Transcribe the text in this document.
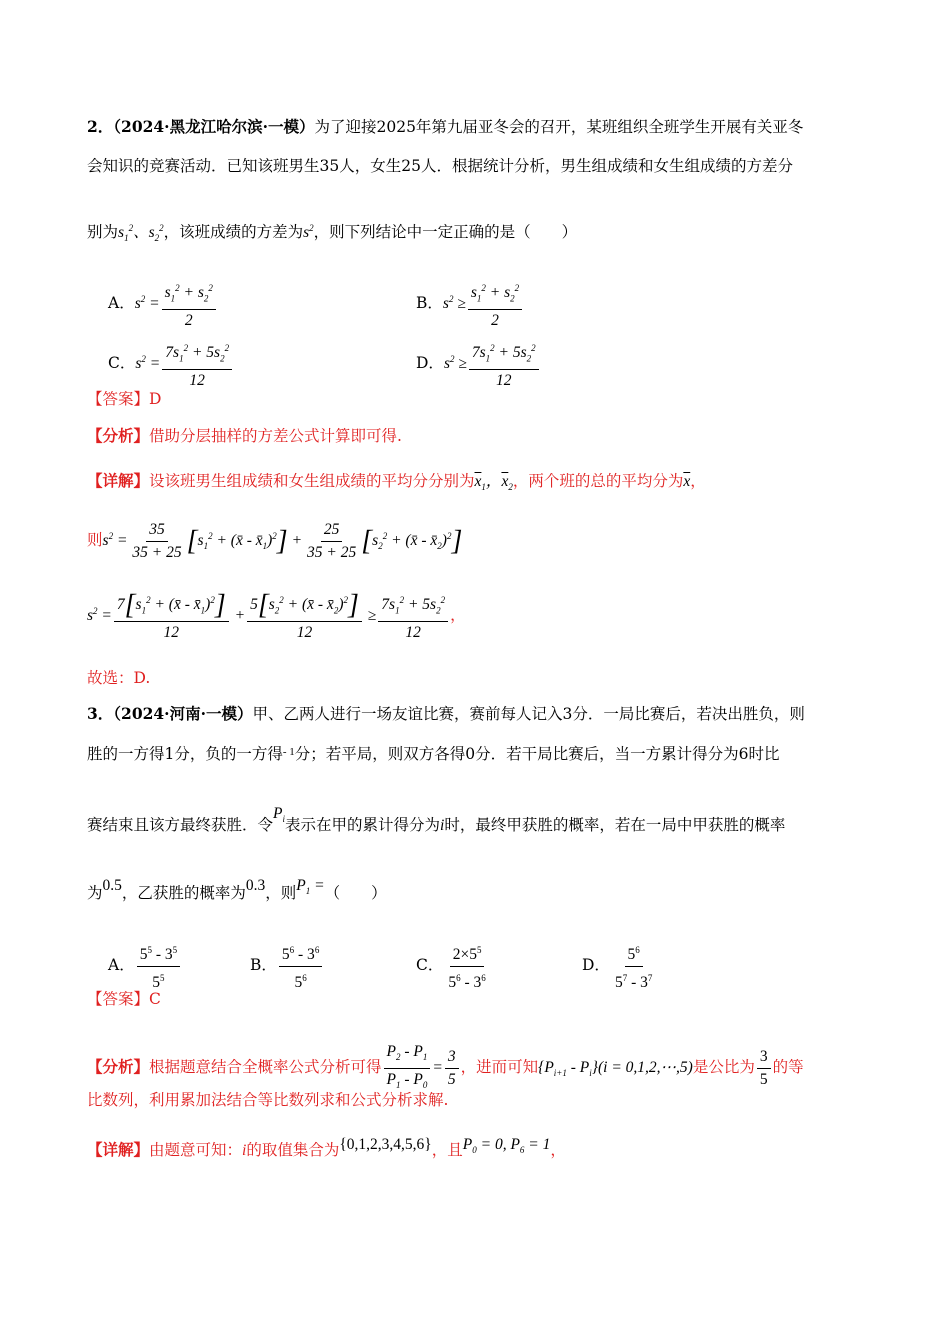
2．（2024·黑龙江哈尔滨·一模）为了迎接2025年第九届亚冬会的召开，某班组织全班学生开展有关亚冬
会知识的竞赛活动．已知该班男生35人，女生25人．根据统计分析，男生组成绩和女生组成绩的方差分
别为$s_1^2$、$s_2^2$，该班成绩的方差为$s^2$，则下列结论中一定正确的是（　　）
A．$s^2 = \frac{s_1^2 + s_2^2}{2}$	B．$s^2 \ge \frac{s_1^2 + s_2^2}{2}$
C．$s^2 = \frac{7s_1^2 + 5s_2^2}{12}$	D．$s^2 \ge \frac{7s_1^2 + 5s_2^2}{12}$
【答案】D
【分析】借助分层抽样的方差公式计算即可得.
【详解】设该班男生组成绩和女生组成绩的平均分分别为$\overline{x}_1$，$\overline{x}_2$，两个班的总的平均分为$\overline{x}$，
则$s^2 = \frac{35}{35 + 25} [s_1^2$ + (x̄ - $x̄_1)^2] + \frac{25}{35 + 25} [s_2^2$ + (x̄ - $x̄_2)^2$]
$s^2 = \frac{7[s_1^2 + (x̄ - x̄_1)^2]}{12} + \frac{5[s_2^2 + (x̄ - x̄_2)^2]}{12} \ge \frac{7s_1^2 + 5s_2^2}{12}$ ，
故选：D.
3．（2024·河南·一模）甲、乙两人进行一场友谊比赛，赛前每人记入3分．一局比赛后，若决出胜负，则
胜的一方得1分，负的一方得$^{- 1}$分；若平局，则双方各得0分．若干局比赛后，当一方累计得分为6时比
赛结束且该方最终获胜．令$P_i$表示在甲的累计得分为i时，最终甲获胜的概率，若在一局中甲获胜的概率
为0.5，乙获胜的概率为0.3，则$P_1$ =（　　）
A． $\frac{5^5 - 3^5}{5^5}$	B． $\frac{5^6 - 3^6}{5^6}$	C． $\frac{2\times 5^5}{5^6 - 3^6}$	D． $\frac{5^6}{5^7 - 3^7}$
【答案】C
【分析】根据题意结合全概率公式分析可得 $\frac{P_2 - P_1}{P_1 - P_0} = \frac{3}{5}$ ，进而可知$\{P_{i+1} - P_i\}(i$ = 0,1,2,⋯,5)是公比为 $\frac{3}{5}$ 的等
比数列，利用累加法结合等比数列求和公式分析求解.
【详解】由题意可知：i的取值集合为{0,1,2,3,4,5,6}，且$P_0 = 0$, $P_6 = 1$，
